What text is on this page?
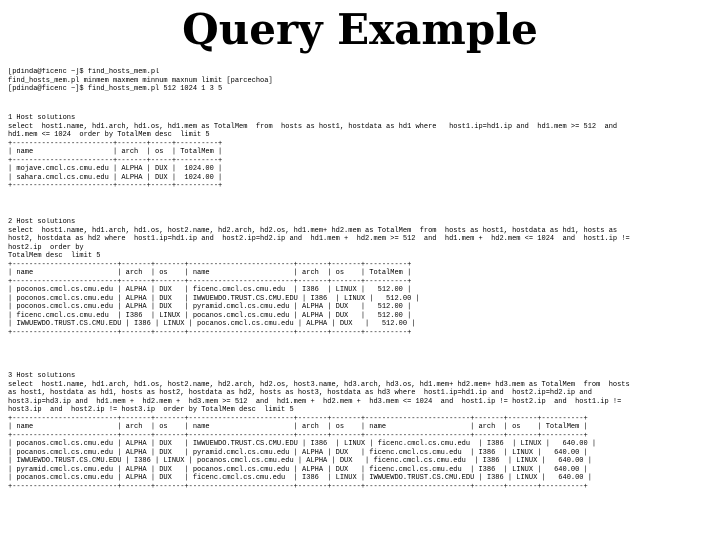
Query Example
[pdinda@ficenc ~]$ find_hosts_mem.pl
find_hosts_mem.pl minmem maxmem minnum maxnum limit [parcechoa]
[pdinda@ficenc ~]$ find_hosts_mem.pl 512 1024 1 3 5
1 Host solutions
select  host1.name, hd1.arch, hd1.os, hd1.mem as TotalMem  from  hosts as host1, hostdata as hd1 where   host1.ip=hd1.ip and  hd1.mem >= 512  and
hd1.mem <= 1024  order by TotalMem desc  limit 5
+------------------------+-------+-----+----------+
| name                   | arch  | os  | TotalMem |
+------------------------+-------+-----+----------+
| mojave.cmcl.cs.cmu.edu | ALPHA | DUX |  1024.00 |
| sahara.cmcl.cs.cmu.edu | ALPHA | DUX |  1024.00 |
+------------------------+-------+-----+----------+
2 Host solutions
select  host1.name, hd1.arch, hd1.os, host2.name, hd2.arch, hd2.os, hd1.mem+ hd2.mem as TotalMem  from  hosts as host1, hostdata as hd1, hosts as
host2, hostdata as hd2 where  host1.ip=hd1.ip and  host2.ip=hd2.ip and  hd1.mem +  hd2.mem >= 512  and  hd1.mem +  hd2.mem <= 1024  and  host1.ip !=
host2.ip  order by
TotalMem desc  limit 5
+-------------------------+-------+-------+-------------------------+-------+-------+----------+
| name                    | arch  | os    | name                    | arch  | os    | TotalMem |
+-------------------------+-------+-------+-------------------------+-------+-------+----------+
| poconos.cmcl.cs.cmu.edu | ALPHA | DUX   | ficenc.cmcl.cs.cmu.edu  | I386  | LINUX |   512.00 |
| poconos.cmcl.cs.cmu.edu | ALPHA | DUX   | IWWUEWDO.TRUST.CS.CMU.EDU | I386  | LINUX |   512.00 |
| poconos.cmcl.cs.cmu.edu | ALPHA | DUX   | pyramid.cmcl.cs.cmu.edu | ALPHA | DUX   |   512.00 |
| ficenc.cmcl.cs.cmu.edu  | I386  | LINUX | pocanos.cmcl.cs.cmu.edu | ALPHA | DUX   |   512.00 |
| IWWUEWDO.TRUST.CS.CMU.EDU | I386 | LINUX | pocanos.cmcl.cs.cmu.edu | ALPHA | DUX   |   512.00 |
+-------------------------+-------+-------+-------------------------+-------+-------+----------+
3 Host solutions
select  host1.name, hd1.arch, hd1.os, host2.name, hd2.arch, hd2.os, host3.name, hd3.arch, hd3.os, hd1.mem+ hd2.mem+ hd3.mem as TotalMem  from  hosts
as host1, hostdata as hd1, hosts as host2, hostdata as hd2, hosts as host3, hostdata as hd3 where  host1.ip=hd1.ip and  host2.ip=hd2.ip and
host3.ip=hd3.ip and  hd1.mem +  hd2.mem +  hd3.mem >= 512  and  hd1.mem +  hd2.mem +  hd3.mem <= 1024  and  host1.ip != host2.ip  and  host1.ip !=
host3.ip  and  host2.ip != host3.ip  order by TotalMem desc  limit 5
+-------------------------+-------+-------+-------------------------+-------+-------+-------------------------+-------+-------+----------+
| name                    | arch  | os    | name                    | arch  | os    | name                    | arch  | os    | TotalMem |
+-------------------------+-------+-------+-------------------------+-------+-------+-------------------------+-------+-------+----------+
| pocanos.cmcl.cs.cmu.edu | ALPHA | DUX   | IWWUEWDO.TRUST.CS.CMU.EDU | I386  | LINUX | ficenc.cmcl.cs.cmu.edu  | I386  | LINUX |   640.00 |
| pocanos.cmcl.cs.cmu.edu | ALPHA | DUX   | pyramid.cmcl.cs.cmu.edu | ALPHA | DUX   | ficenc.cmcl.cs.cmu.edu  | I386  | LINUX |   640.00 |
| IWWUEWDO.TRUST.CS.CMU.EDU | I386 | LINUX | pocanos.cmcl.cs.cmu.edu | ALPHA | DUX   | ficenc.cmcl.cs.cmu.edu  | I386  | LINUX |   640.00 |
| pyramid.cmcl.cs.cmu.edu | ALPHA | DUX   | pocanos.cmcl.cs.cmu.edu | ALPHA | DUX   | ficenc.cmcl.cs.cmu.edu  | I386  | LINUX |   640.00 |
| pocanos.cmcl.cs.cmu.edu | ALPHA | DUX   | ficenc.cmcl.cs.cmu.edu  | I386  | LINUX | IWWUEWDO.TRUST.CS.CMU.EDU | I386 | LINUX |   640.00 |
+-------------------------+-------+-------+-------------------------+-------+-------+-------------------------+-------+-------+----------+
